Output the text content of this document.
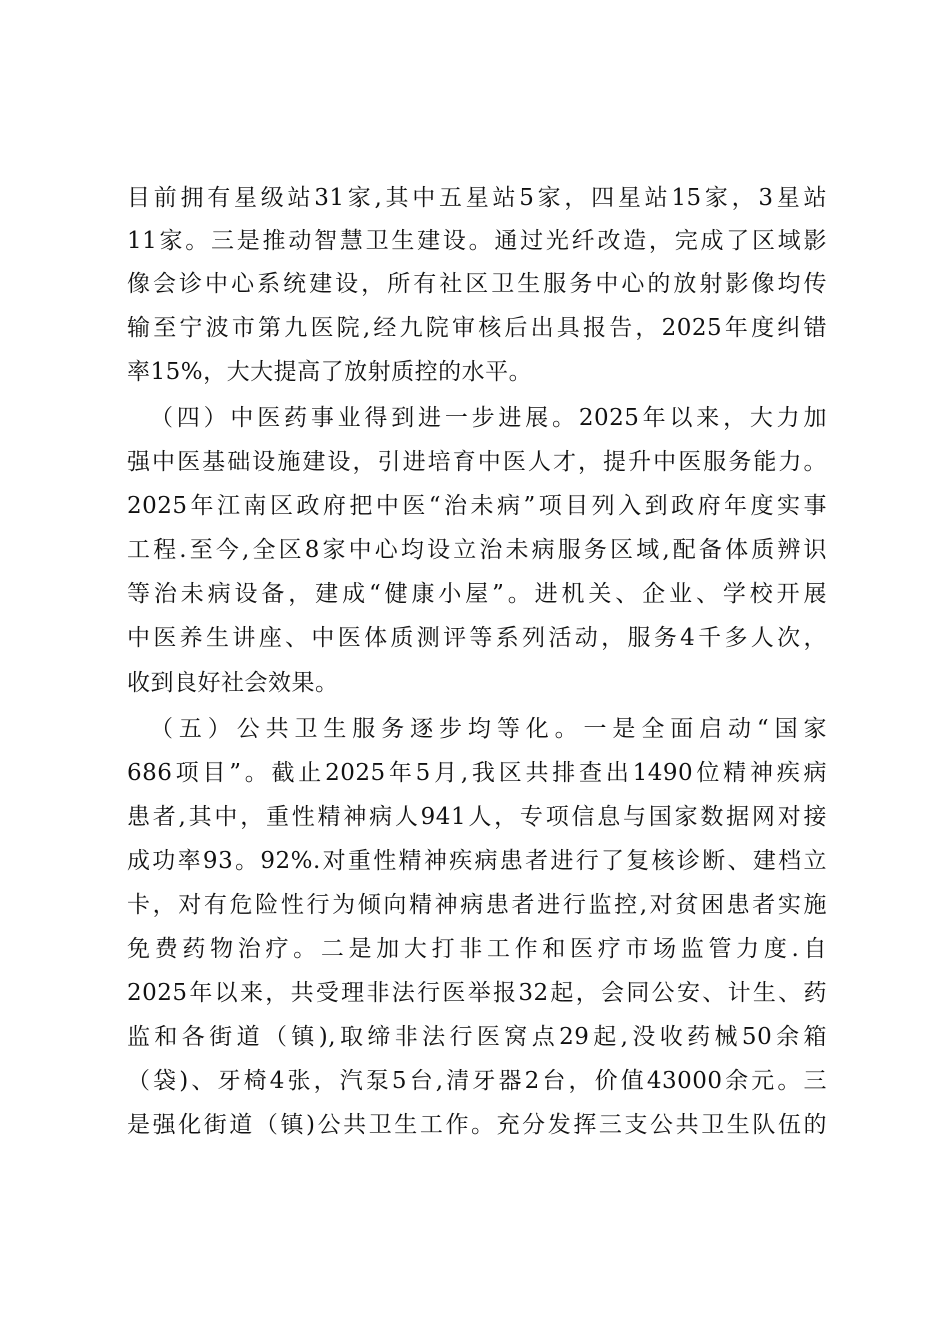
目前拥有星级站31家,其中五星站5家，四星站15家，3星站
11家。三是推动智慧卫生建设。通过光纤改造，完成了区域影
像会诊中心系统建设，所有社区卫生服务中心的放射影像均传
输至宁波市第九医院,经九院审核后出具报告，2025年度纠错
率15%，大大提高了放射质控的水平。
（四）中医药事业得到进一步进展。2025年以来，大力加
强中医基础设施建设，引进培育中医人才，提升中医服务能力。
2025年江南区政府把中医“治未病”项目列入到政府年度实事
工程.至今,全区8家中心均设立治未病服务区域,配备体质辨识
等治未病设备，建成“健康小屋”。进机关、企业、学校开展
中医养生讲座、中医体质测评等系列活动，服务4千多人次，
收到良好社会效果。
（五）公共卫生服务逐步均等化。一是全面启动“国家
686项目”。截止2025年5月,我区共排查出1490位精神疾病
患者,其中，重性精神病人941人，专项信息与国家数据网对接
成功率93。92%.对重性精神疾病患者进行了复核诊断、建档立
卡，对有危险性行为倾向精神病患者进行监控,对贫困患者实施
免费药物治疗。二是加大打非工作和医疗市场监管力度.自
2025年以来，共受理非法行医举报32起，会同公安、计生、药
监和各街道（镇),取缔非法行医窝点29起,没收药械50余箱
（袋)、牙椅4张，汽泵5台,清牙器2台，价值43000余元。三
是强化街道（镇)公共卫生工作。充分发挥三支公共卫生队伍的
